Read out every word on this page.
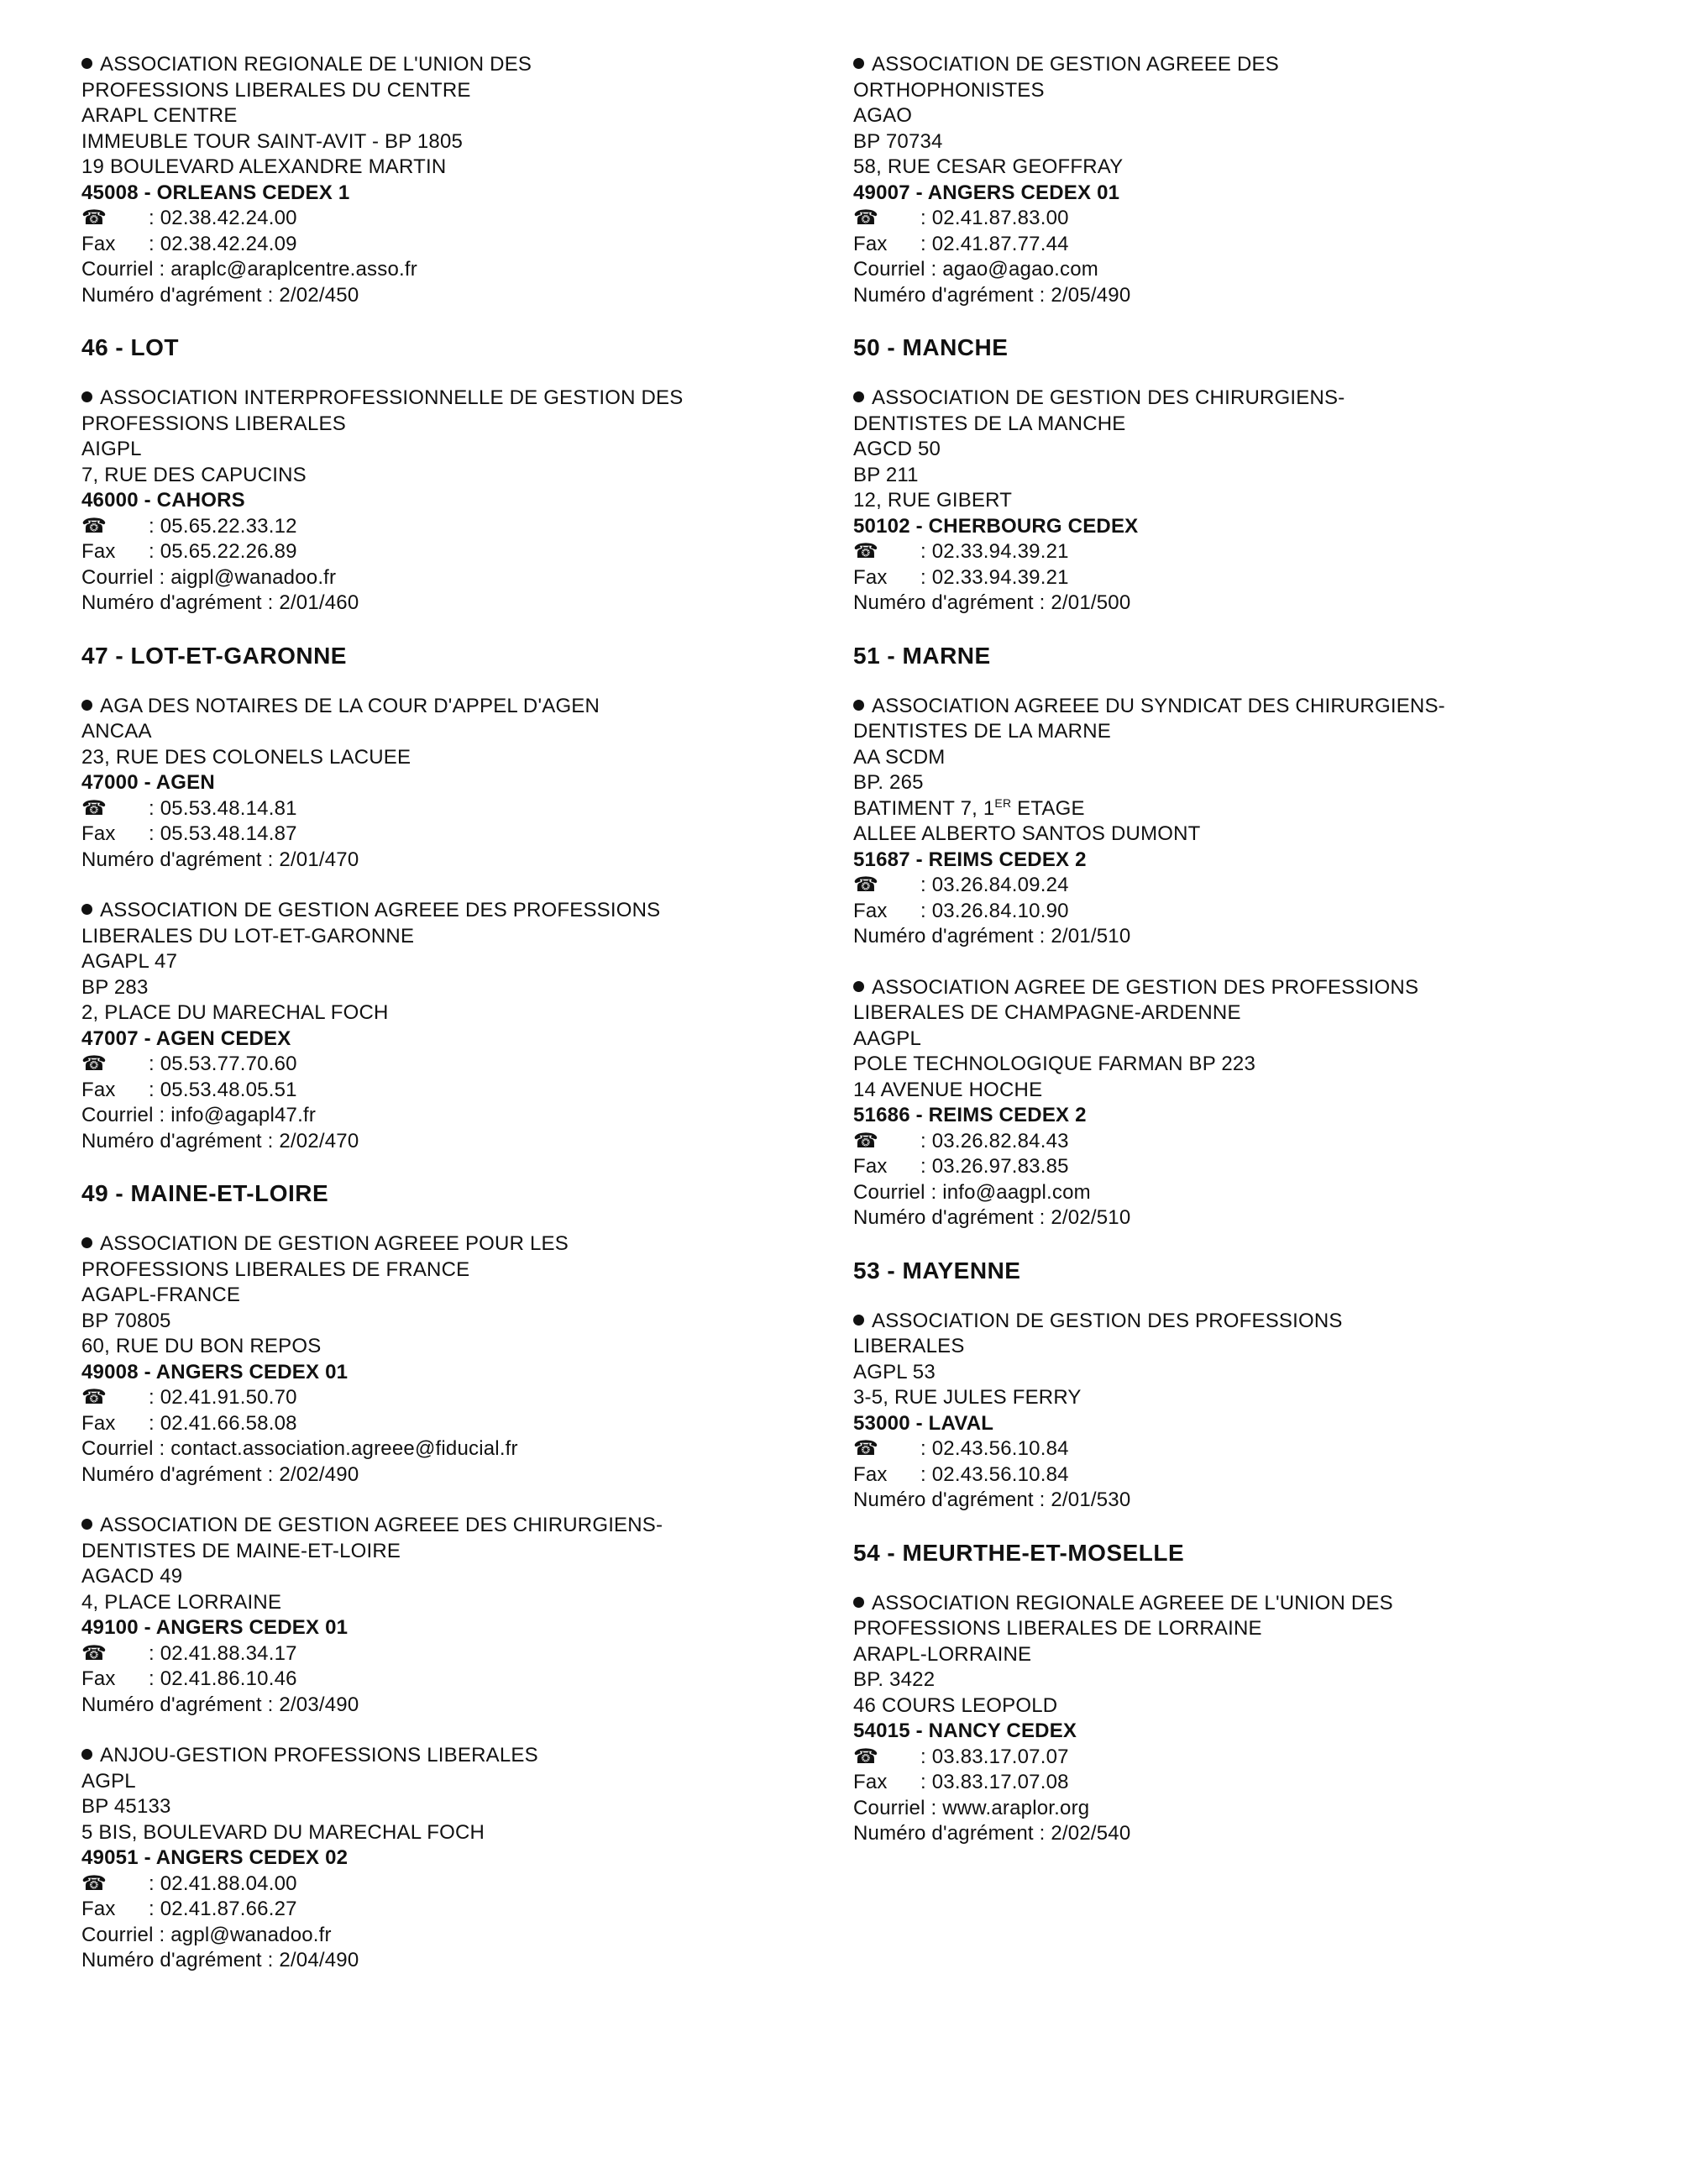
ASSOCIATION REGIONALE DE L'UNION DES
PROFESSIONS LIBERALES DU CENTRE
ARAPL CENTRE
IMMEUBLE TOUR SAINT-AVIT - BP 1805
19 BOULEVARD ALEXANDRE MARTIN
45008 - ORLEANS CEDEX 1
☎ : 02.38.42.24.00
Fax : 02.38.42.24.09
Courriel : araplc@araplcentre.asso.fr
Numéro d'agrément : 2/02/450
46 - LOT
ASSOCIATION INTERPROFESSIONNELLE DE GESTION DES
PROFESSIONS LIBERALES
AIGPL
7, RUE DES CAPUCINS
46000 - CAHORS
☎ : 05.65.22.33.12
Fax : 05.65.22.26.89
Courriel : aigpl@wanadoo.fr
Numéro d'agrément : 2/01/460
47 - LOT-ET-GARONNE
AGA DES NOTAIRES DE LA COUR D'APPEL D'AGEN
ANCAA
23, RUE DES COLONELS LACUEE
47000 - AGEN
☎ : 05.53.48.14.81
Fax : 05.53.48.14.87
Numéro d'agrément : 2/01/470
ASSOCIATION DE GESTION AGREEE DES PROFESSIONS
LIBERALES DU LOT-ET-GARONNE
AGAPL 47
BP 283
2, PLACE DU MARECHAL FOCH
47007 - AGEN CEDEX
☎ : 05.53.77.70.60
Fax : 05.53.48.05.51
Courriel : info@agapl47.fr
Numéro d'agrément : 2/02/470
49 - MAINE-ET-LOIRE
ASSOCIATION DE GESTION AGREEE POUR LES
PROFESSIONS LIBERALES DE FRANCE
AGAPL-FRANCE
BP 70805
60, RUE DU BON REPOS
49008 - ANGERS CEDEX 01
☎ : 02.41.91.50.70
Fax : 02.41.66.58.08
Courriel : contact.association.agreee@fiducial.fr
Numéro d'agrément : 2/02/490
ASSOCIATION DE GESTION AGREEE DES CHIRURGIENS-
DENTISTES DE MAINE-ET-LOIRE
AGACD 49
4, PLACE LORRAINE
49100 - ANGERS CEDEX 01
☎ : 02.41.88.34.17
Fax : 02.41.86.10.46
Numéro d'agrément : 2/03/490
ANJOU-GESTION PROFESSIONS LIBERALES
AGPL
BP 45133
5 BIS, BOULEVARD DU MARECHAL FOCH
49051 - ANGERS CEDEX 02
☎ : 02.41.88.04.00
Fax : 02.41.87.66.27
Courriel : agpl@wanadoo.fr
Numéro d'agrément : 2/04/490
ASSOCIATION DE GESTION AGREEE DES
ORTHOPHONISTES
AGAO
BP 70734
58, RUE CESAR GEOFFRAY
49007 - ANGERS CEDEX 01
☎ : 02.41.87.83.00
Fax : 02.41.87.77.44
Courriel : agao@agao.com
Numéro d'agrément : 2/05/490
50 - MANCHE
ASSOCIATION DE GESTION DES CHIRURGIENS-
DENTISTES DE LA MANCHE
AGCD 50
BP 211
12, RUE GIBERT
50102 - CHERBOURG CEDEX
☎ : 02.33.94.39.21
Fax : 02.33.94.39.21
Numéro d'agrément : 2/01/500
51 - MARNE
ASSOCIATION AGREEE DU SYNDICAT DES CHIRURGIENS-
DENTISTES DE LA MARNE
AA SCDM
BP. 265
BATIMENT 7, 1ER ETAGE
ALLEE ALBERTO SANTOS DUMONT
51687 - REIMS CEDEX 2
☎ : 03.26.84.09.24
Fax : 03.26.84.10.90
Numéro d'agrément : 2/01/510
ASSOCIATION AGREE DE GESTION DES PROFESSIONS
LIBERALES DE CHAMPAGNE-ARDENNE
AAGPL
POLE TECHNOLOGIQUE FARMAN BP 223
14 AVENUE HOCHE
51686 - REIMS CEDEX 2
☎ : 03.26.82.84.43
Fax : 03.26.97.83.85
Courriel : info@aagpl.com
Numéro d'agrément : 2/02/510
53 - MAYENNE
ASSOCIATION DE GESTION DES PROFESSIONS
LIBERALES
AGPL 53
3-5, RUE JULES FERRY
53000 - LAVAL
☎ : 02.43.56.10.84
Fax : 02.43.56.10.84
Numéro d'agrément : 2/01/530
54 - MEURTHE-ET-MOSELLE
ASSOCIATION REGIONALE AGREEE DE L'UNION DES
PROFESSIONS LIBERALES DE LORRAINE
ARAPL-LORRAINE
BP. 3422
46 COURS LEOPOLD
54015 - NANCY CEDEX
☎ : 03.83.17.07.07
Fax : 03.83.17.07.08
Courriel : www.araplor.org
Numéro d'agrément : 2/02/540
